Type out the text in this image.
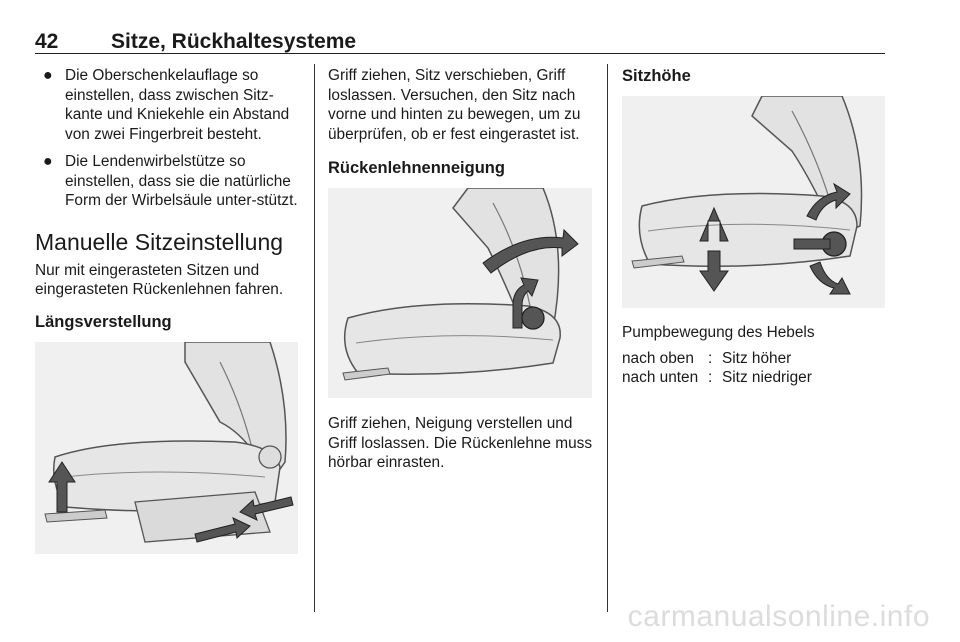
42	Sitze, Rückhaltesysteme
● Die Oberschenkelauflage so einstellen, dass zwischen Sitz-kante und Kniekehle ein Abstand von zwei Fingerbreit besteht.
● Die Lendenwirbelstütze so einstellen, dass sie die natürliche Form der Wirbelsäule unter-stützt.
Manuelle Sitzeinstellung

Nur mit eingerasteten Sitzen und eingerasteten Rückenlehnen fahren.

Längsverstellung

Griff ziehen, Sitz verschieben, Griff loslassen. Versuchen, den Sitz nach vorne und hinten zu bewegen, um zu überprüfen, ob er fest eingerastet ist.

Rückenlehnenneigung

Griff ziehen, Neigung verstellen und Griff loslassen. Die Rückenlehne muss hörbar einrasten.

Sitzhöhe

Pumpbewegung des Hebels

nach oben : Sitz höher
nach unten : Sitz niedriger
carmanualsonline.info
